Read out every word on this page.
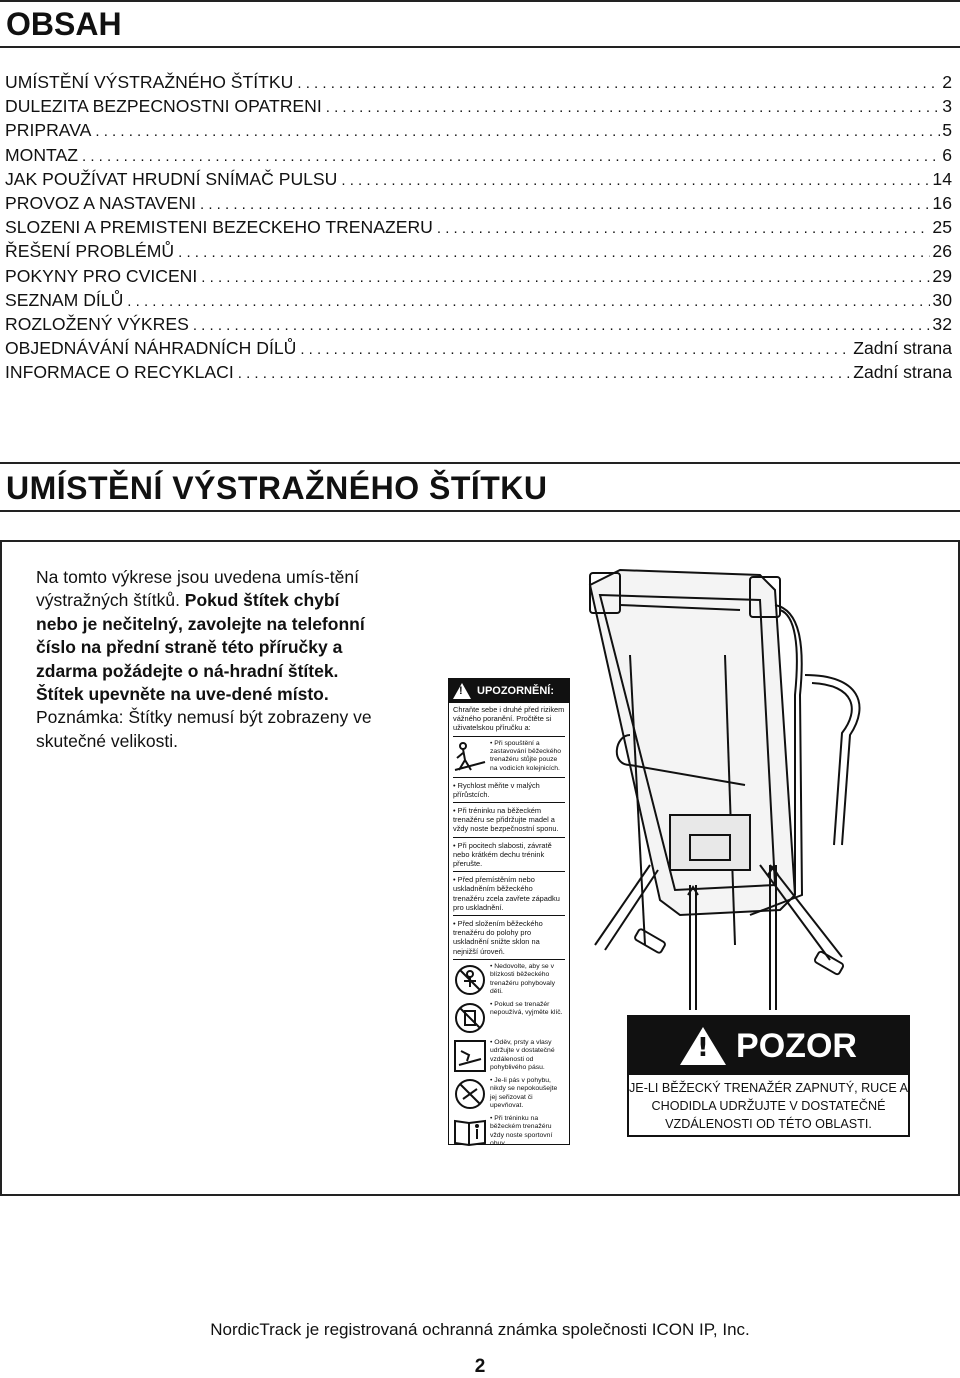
OBSAH
UMÍSTĚNÍ VÝSTRAŽNÉHO ŠTÍTKU . . .	2
DULEZITA BEZPECNOSTNI OPATRENI . . .	3
PRIPRAVA . . .	5
MONTAZ . . .	6
JAK POUŽÍVAT HRUDNÍ SNÍMAČ PULSU . . .	14
PROVOZ A NASTAVENI . . .	16
SLOZENI A PREMISTENI BEZECKEHO TRENAZERU . . .	25
ŘEŠENÍ PROBLÉMŮ . . .	26
POKYNY PRO CVICENI . . .	29
SEZNAM DÍLŮ . . .	30
ROZLOŽENÝ VÝKRES . . .	32
OBJEDNÁVÁNÍ NÁHRADNÍCH DÍLŮ . . .	Zadní strana
INFORMACE O RECYKLACI . . .	Zadní strana
UMÍSTĚNÍ VÝSTRAŽNÉHO ŠTÍTKU
Na tomto výkrese jsou uvedena umís-tění výstražných štítků. Pokud štítek chybí nebo je nečitelný, zavolejte na telefonní číslo na přední straně této příručky a zdarma požádejte o ná-hradní štítek. Štítek upevněte na uve-dené místo. Poznámka: Štítky nemusí být zobrazeny ve skutečné velikosti.
!
UPOZORNĚNÍ:
Chraňte sebe i druhé před rizikem vážného poranění. Pročtěte si uživatelskou příručku a:
• Při spouštění a zastavování běžeckého trenažéru stůjte pouze na vodicích kolejnicích.
• Rychlost měňte v malých přírůstcích.
• Při tréninku na běžeckém trenažéru se přidržujte madel a vždy noste bezpečnostní sponu.
• Při pocitech slabosti, závratě nebo krátkém dechu trénink přerušte.
• Před přemístěním nebo uskladněním běžeckého trenažéru zcela zavřete západku pro uskladnění.
• Před složením běžeckého trenažéru do polohy pro uskladnění snižte sklon na nejnižší úroveň.
• Nedovolte, aby se v blízkosti běžeckého trenažéru pohybovaly děti.
• Pokud se trenažér nepoužívá, vyjměte klíč.
• Oděv, prsty a vlasy udržujte v dostatečné vzdálenosti od pohyblivého pásu.
• Je-li pás v pohybu, nikdy se nepokoušejte jej seřizovat či upevňovat.
• Při tréninku na běžeckém trenažéru vždy noste sportovní obuv.
!
POZOR
JE-LI BĚŽECKÝ TRENAŽÉR ZAPNUTÝ, RUCE A CHODIDLA UDRŽUJTE V DOSTATEČNÉ VZDÁLENOSTI OD TÉTO OBLASTI.
NordicTrack je registrovaná ochranná známka společnosti ICON IP, Inc.
2
